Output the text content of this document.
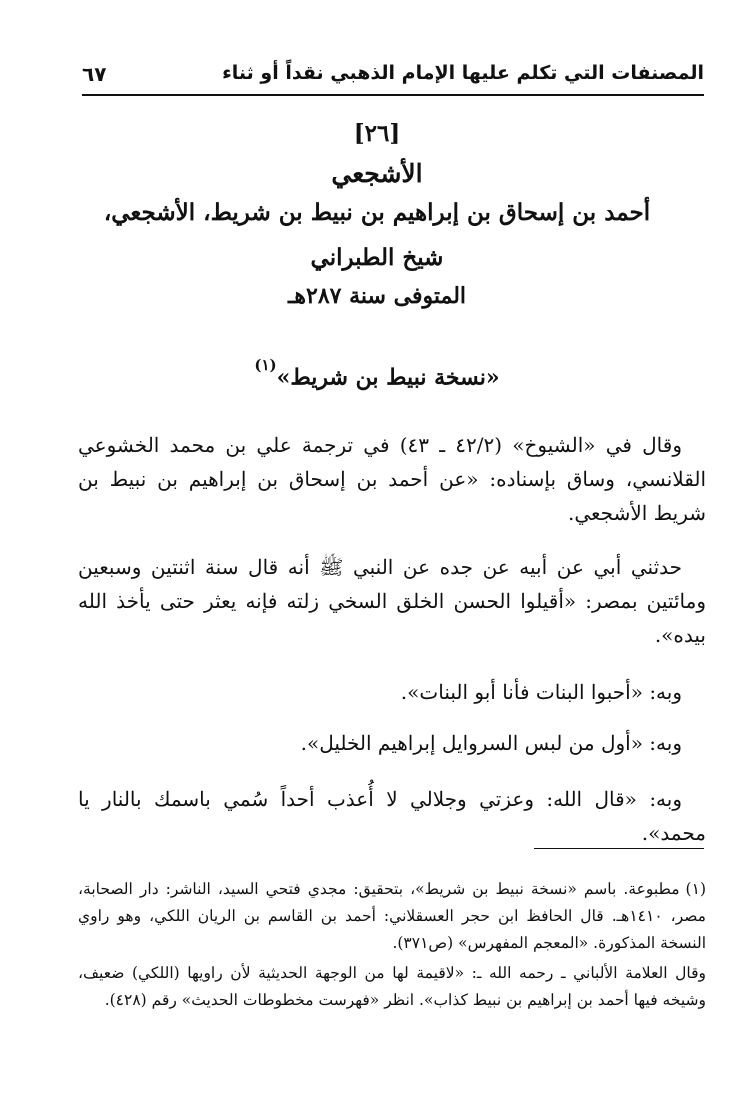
المصنفات التي تكلم عليها الإمام الذهبي نقداً أو ثناء
٦٧
[٢٦]
الأشجعي
أحمد بن إسحاق بن إبراهيم بن نبيط بن شريط، الأشجعي،
شيخ الطبراني
المتوفى سنة ٢٨٧هـ
«نسخة نبيط بن شريط»$^{(١)}$

وقال في «الشيوخ» (٤٢/٢ ـ ٤٣) في ترجمة علي بن محمد الخشوعي القلانسي، وساق بإسناده: «عن أحمد بن إسحاق بن إبراهيم بن نبيط بن شريط الأشجعي.

حدثني أبي عن أبيه عن جده عن النبي ﷺ أنه قال سنة اثنتين وسبعين ومائتين بمصر: «أقيلوا الحسن الخلق السخي زلته فإنه يعثر حتى يأخذ الله بيده».

وبه: «أحبوا البنات فأنا أبو البنات».

وبه: «أول من لبس السروايل إبراهيم الخليل».

وبه: «قال الله: وعزتي وجلالي لا أُعذب أحداً سُمي باسمك بالنار يا محمد».

(١)مطبوعة. باسم «نسخة نبيط بن شريط»، بتحقيق: مجدي فتحي السيد، الناشر: دار الصحابة، مصر، ١٤١٠هـ. قال الحافظ ابن حجر العسقلاني: أحمد بن القاسم بن الريان اللكي، وهو راوي النسخة المذكورة. «المعجم المفهرس» (ص٣٧١).

وقال العلامة الألباني ـ رحمه الله ـ: «لاقيمة لها من الوجهة الحديثية لأن راويها (اللكي) ضعيف، وشيخه فيها أحمد بن إبراهيم بن نبيط كذاب». انظر «فهرست مخطوطات الحديث» رقم (٤٢٨).
